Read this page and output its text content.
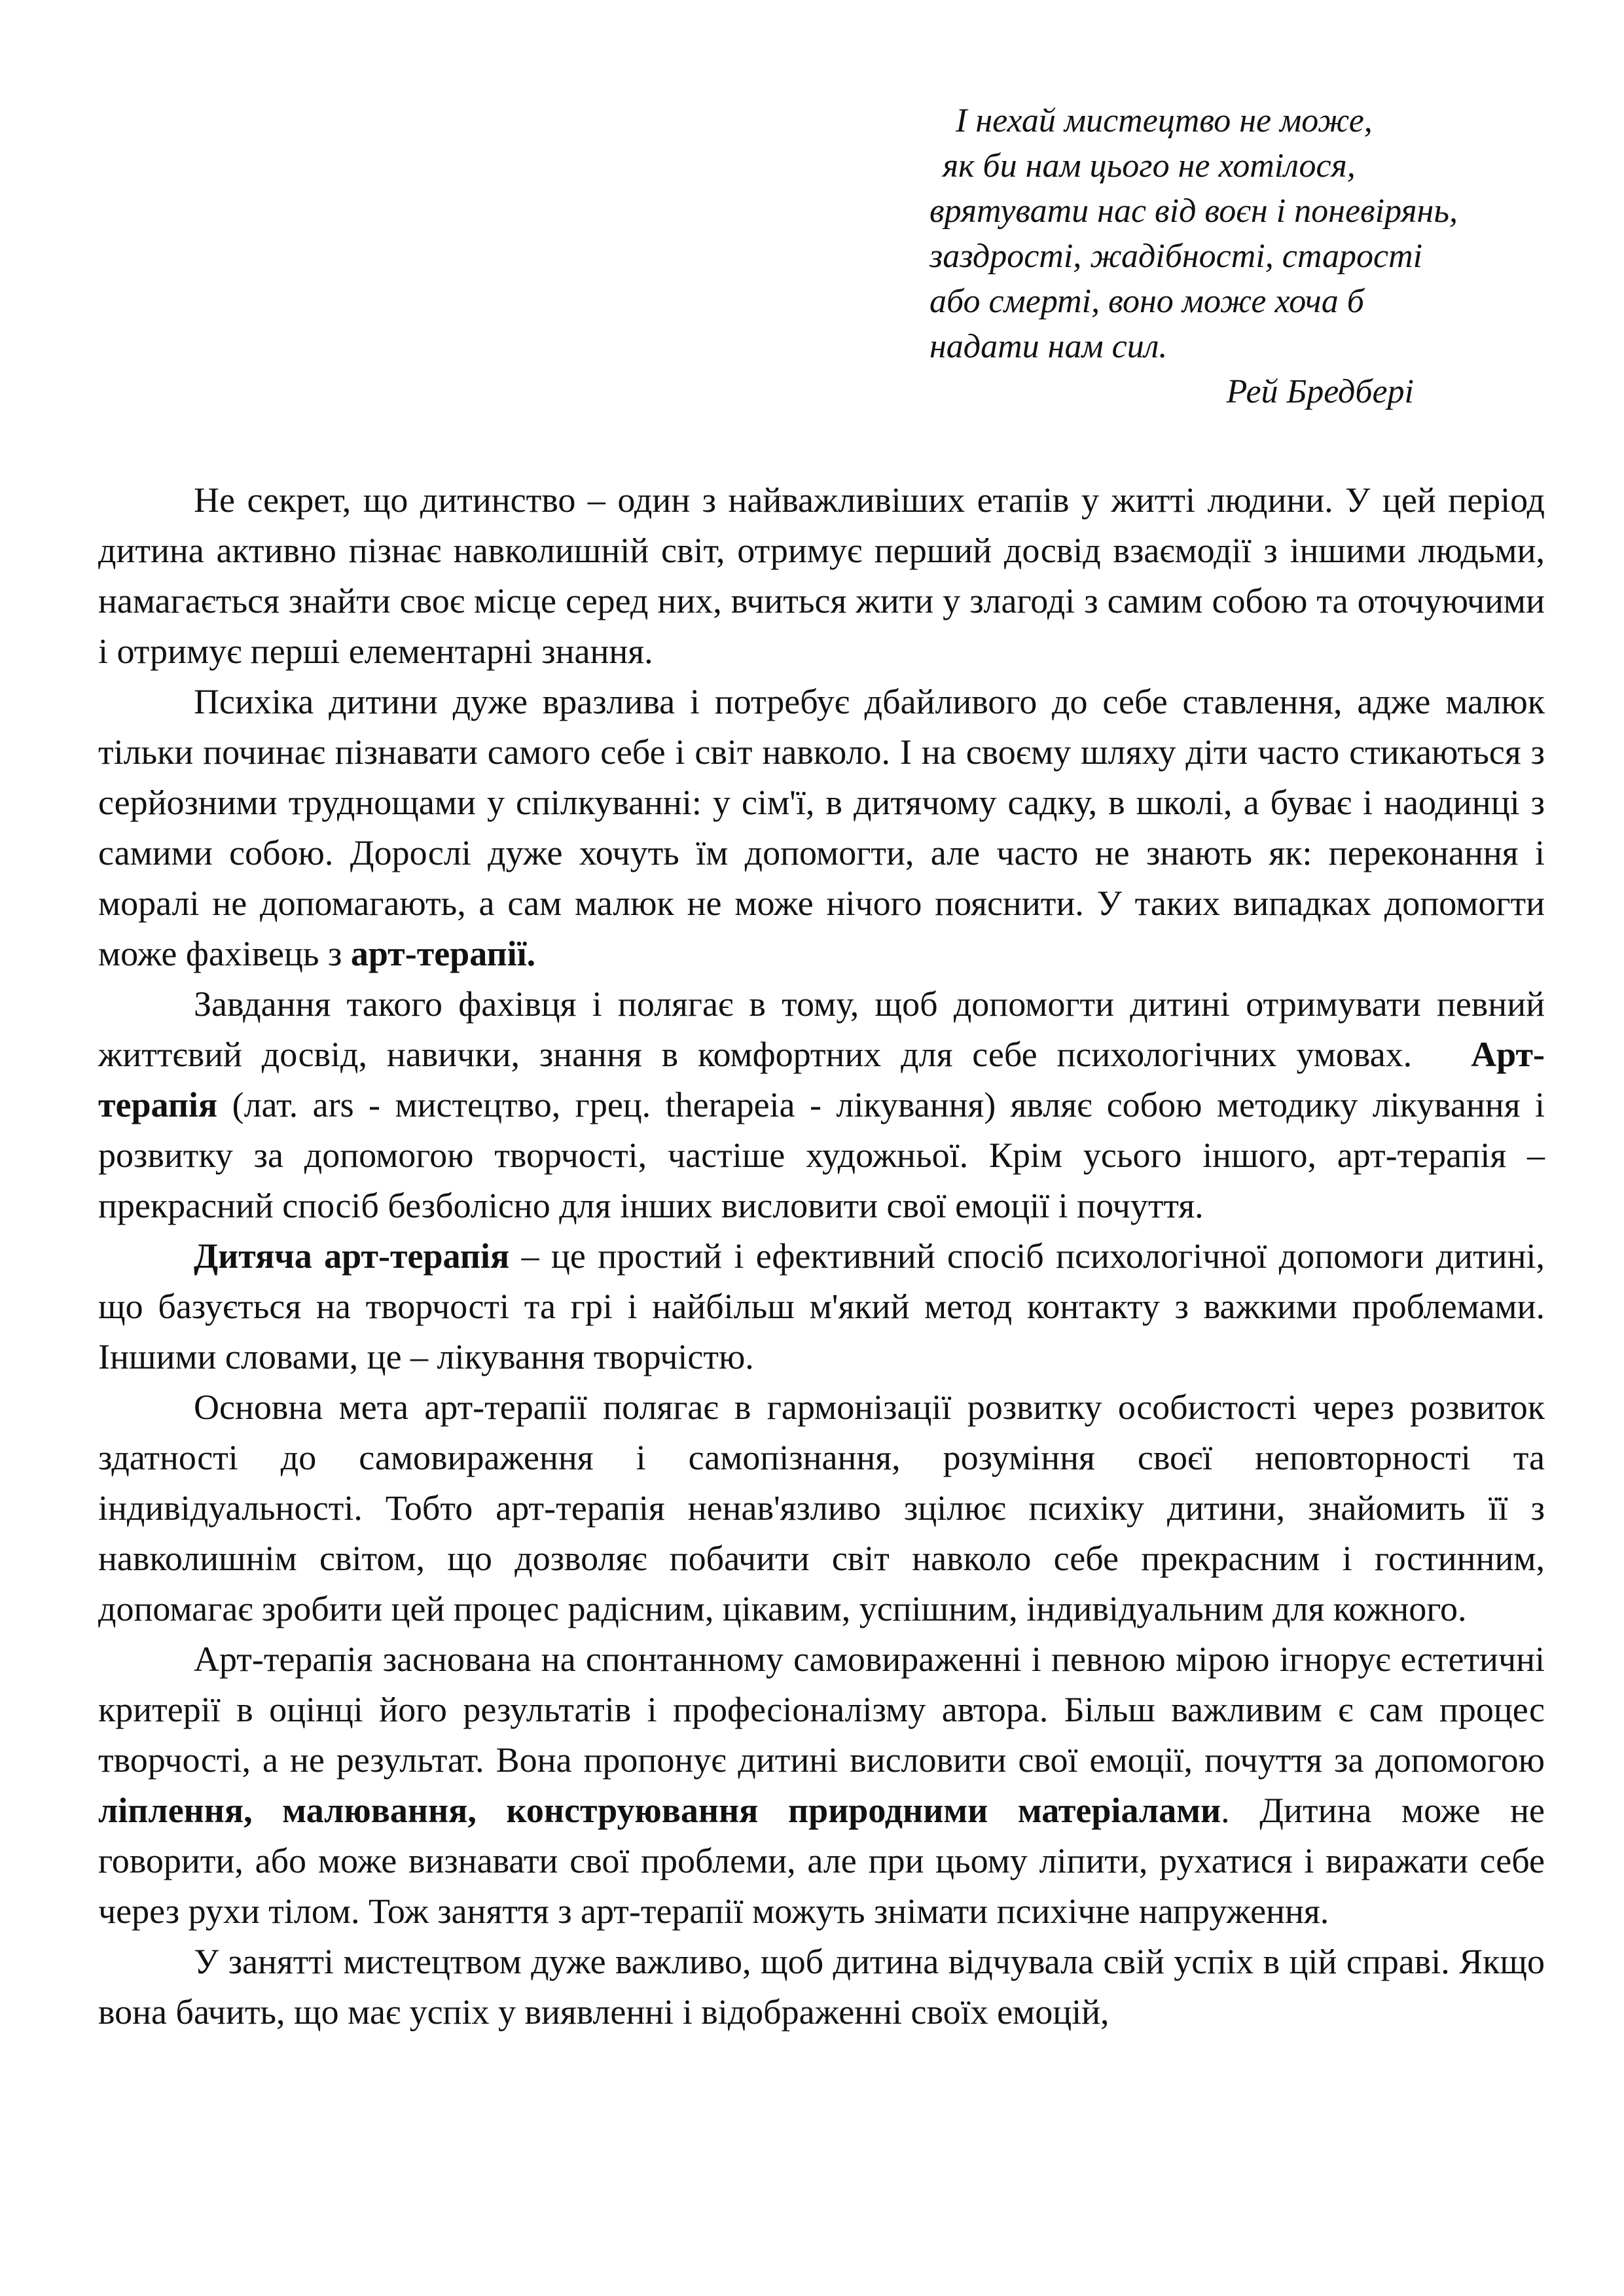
І нехай мистецтво не може,
як би нам цього не хотілося,
врятувати нас від воєн і поневірянь,
заздрості, жадібності, старості
або смерті, воно може хоча б
надати нам сил.
Рей Бредбері

Не секрет, що дитинство – один з найважливіших етапів у житті людини. У цей період дитина активно пізнає навколишній світ, отримує перший досвід взаємодії з іншими людьми, намагається знайти своє місце серед них, вчиться жити у злагоді з самим собою та оточуючими і отримує перші елементарні знання.

Психіка дитини дуже вразлива і потребує дбайливого до себе ставлення, адже малюк тільки починає пізнавати самого себе і світ навколо. І на своєму шляху діти часто стикаються з серйозними труднощами у спілкуванні: у сім'ї, в дитячому садку, в школі, а буває і наодинці з самими собою. Дорослі дуже хочуть їм допомогти, але часто не знають як: переконання і моралі не допомагають, а сам малюк не може нічого пояснити. У таких випадках допомогти може фахівець з арт-терапії.

Завдання такого фахівця і полягає в тому, щоб допомогти дитині отримувати певний життєвий досвід, навички, знання в комфортних для себе психологічних умовах. Арт-терапія (лат. ars - мистецтво, грец. therapeia - лікування) являє собою методику лікування і розвитку за допомогою творчості, частіше художньої. Крім усього іншого, арт-терапія – прекрасний спосіб безболісно для інших висловити свої емоції і почуття.

Дитяча арт-терапія – це простий і ефективний спосіб психологічної допомоги дитині, що базується на творчості та грі і найбільш м'який метод контакту з важкими проблемами. Іншими словами, це – лікування творчістю.

Основна мета арт-терапії полягає в гармонізації розвитку особистості через розвиток здатності до самовираження і самопізнання, розуміння своєї неповторності та індивідуальності. Тобто арт-терапія ненав'язливо зцілює психіку дитини, знайомить її з навколишнім світом, що дозволяє побачити світ навколо себе прекрасним і гостинним, допомагає зробити цей процес радісним, цікавим, успішним, індивідуальним для кожного.

Арт-терапія заснована на спонтанному самовираженні і певною мірою ігнорує естетичні критерії в оцінці його результатів і професіоналізму автора. Більш важливим є сам процес творчості, а не результат. Вона пропонує дитині висловити свої емоції, почуття за допомогою ліплення, малювання, конструювання природними матеріалами. Дитина може не говорити, або може визнавати свої проблеми, але при цьому ліпити, рухатися і виражати себе через рухи тілом. Тож заняття з арт-терапії можуть знімати психічне напруження.

У занятті мистецтвом дуже важливо, щоб дитина відчувала свій успіх в цій справі. Якщо вона бачить, що має успіх у виявленні і відображенні своїх емоцій,
